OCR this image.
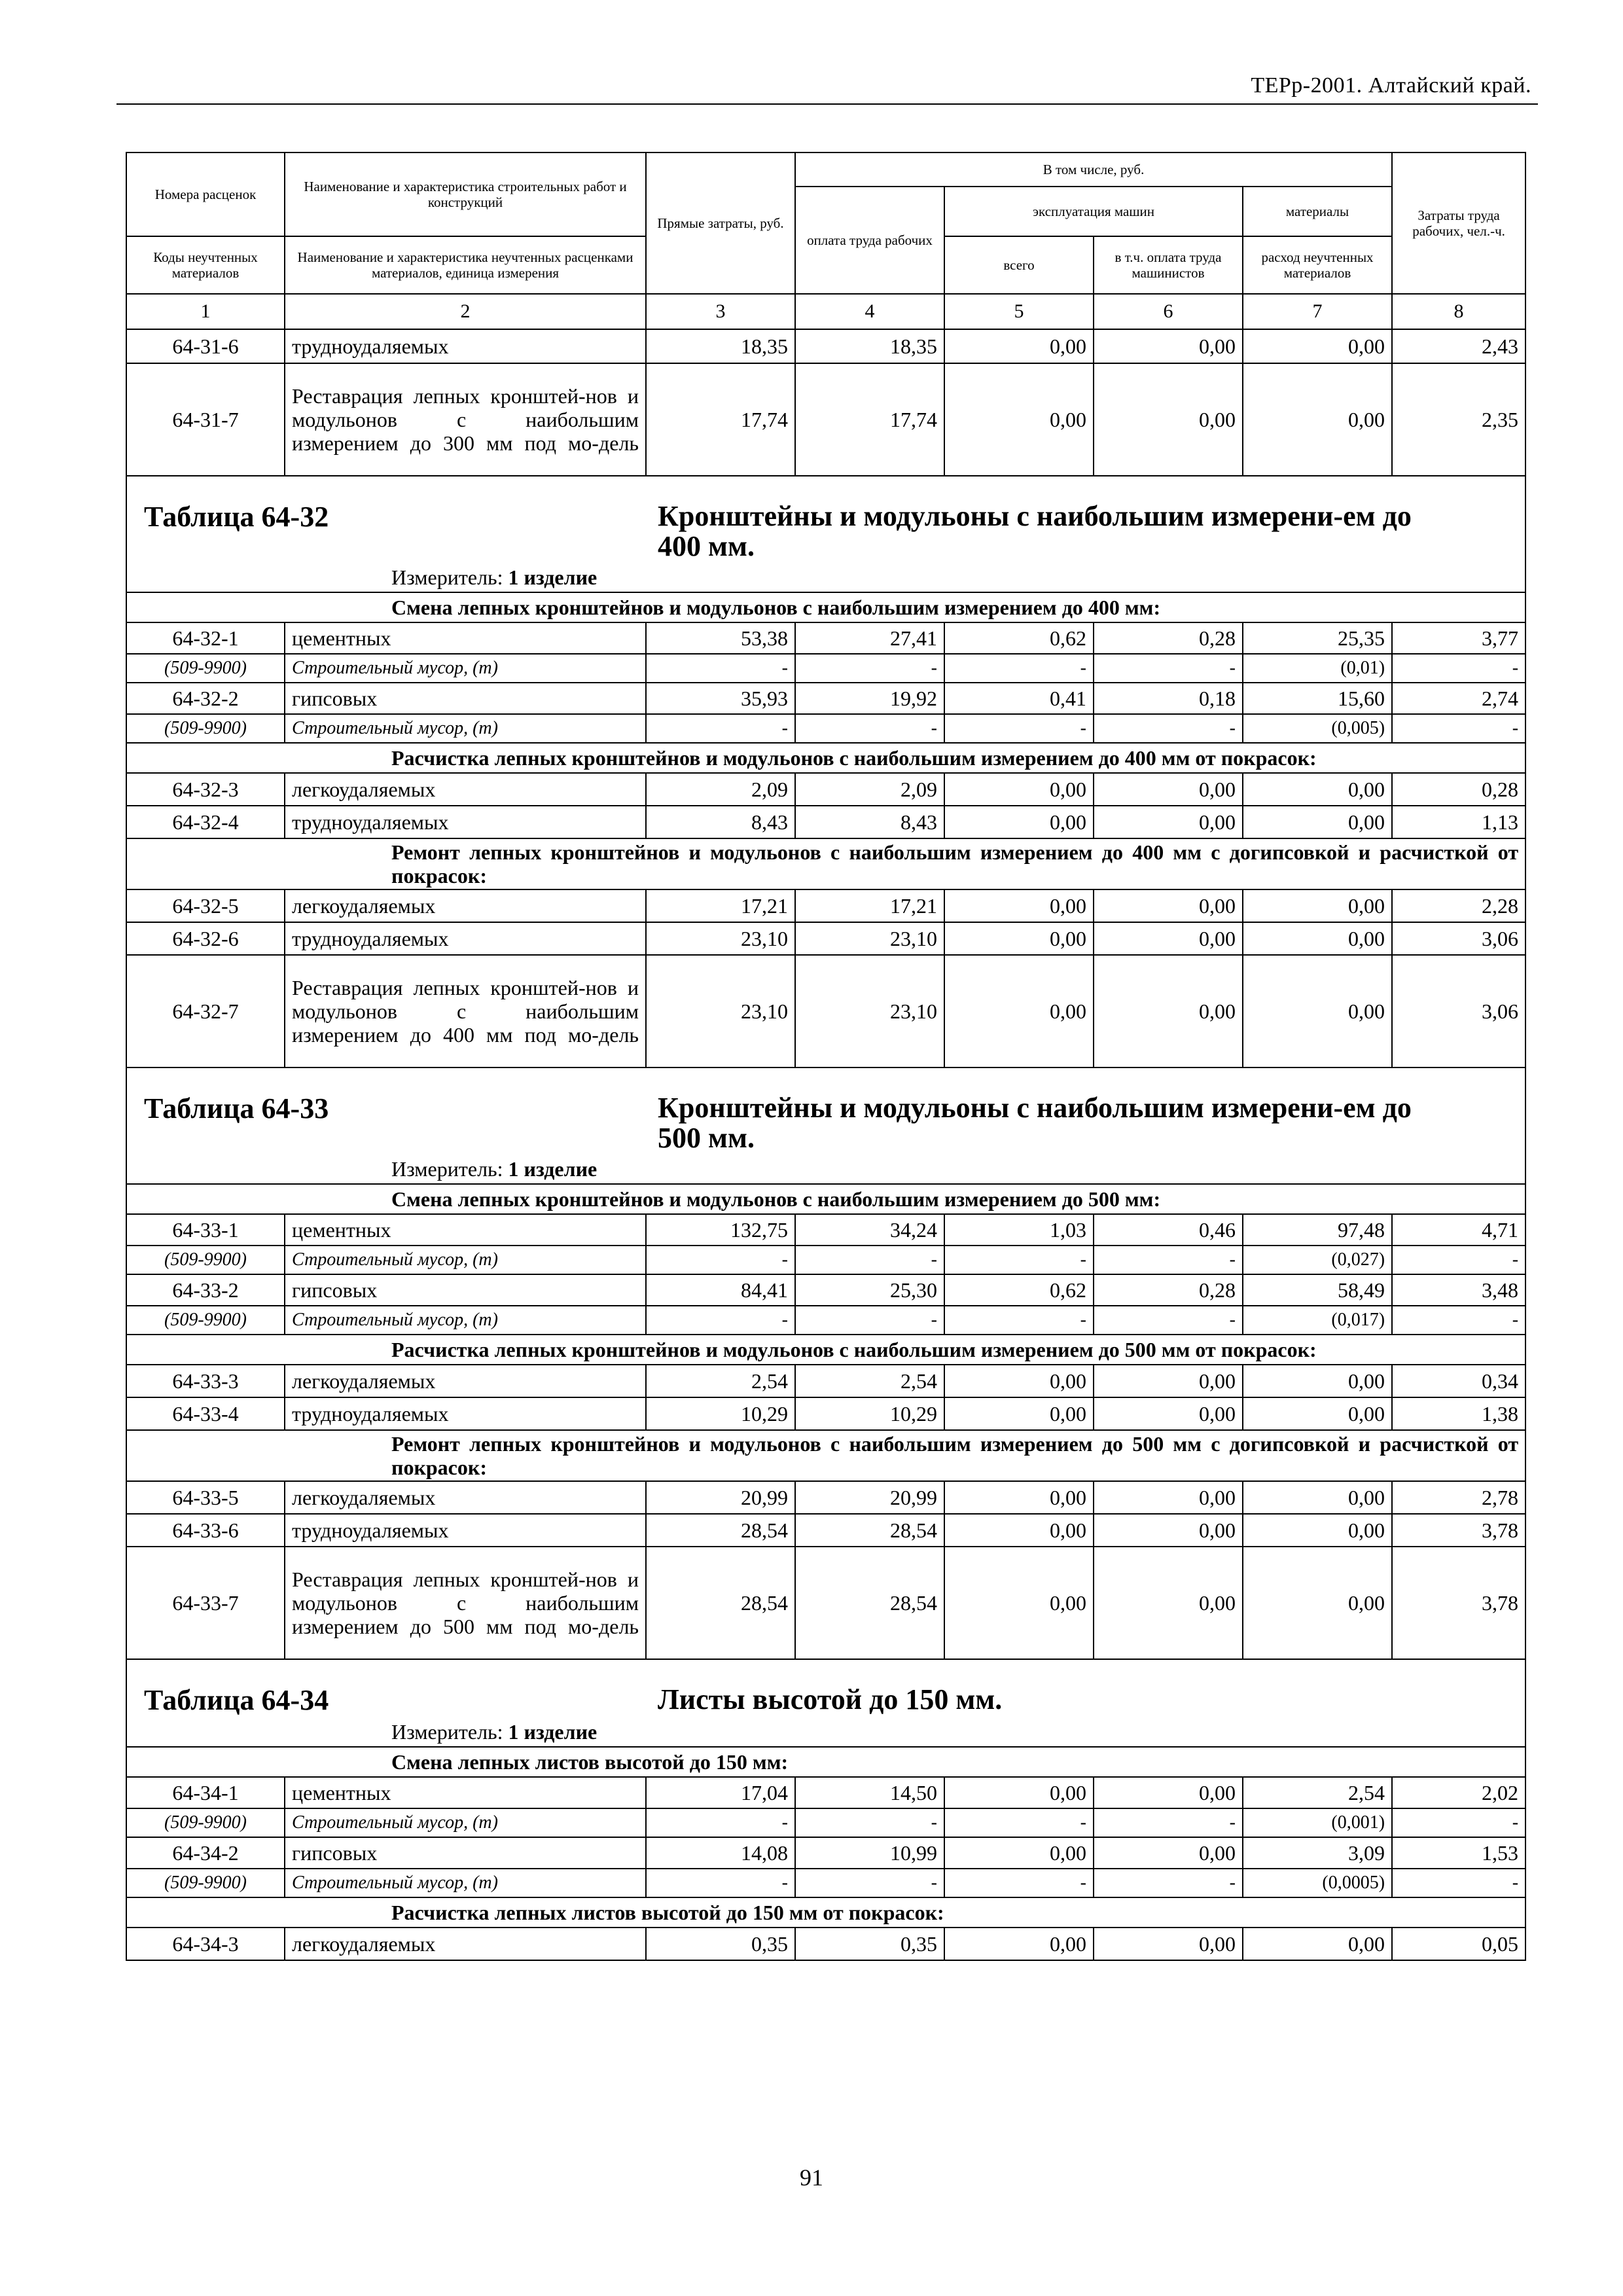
ТЕРр-2001. Алтайский край.
Номера расценок	Наименование и характеристика строительных работ и конструкций	Прямые затраты, руб.	В том числе, руб.				Затраты труда рабочих, чел.-ч.
			оплата труда рабочих	эксплуатация машин		материалы	
Коды неучтенных материалов	Наименование и характеристика неучтенных расценками материалов, единица измерения			всего	в т.ч. оплата труда машинистов	расход неучтенных материалов	

1	2	3	4	5	6	7	8
64-31-6	трудноудаляемых	18,35	18,35	0,00	0,00	0,00	2,43
64-31-7	Реставрация лепных кронштей-нов и модульонов с наибольшим измерением до 300 мм под мо-дель	17,74	17,74	0,00	0,00	0,00	2,35

Таблица 64-32 Кронштейны и модульоны с наибольшим измерени-ем до 400 мм.							

Измеритель: 1 изделие							
Смена лепных кронштейнов и модульонов с наибольшим измерением до 400 мм:							
64-32-1	цементных	53,38	27,41	0,62	0,28	25,35	3,77
(509-9900)	Строительный мусор, (т)	-	-	-	-	(0,01)	-
64-32-2	гипсовых	35,93	19,92	0,41	0,18	15,60	2,74
(509-9900)	Строительный мусор, (т)	-	-	-	-	(0,005)	-
Расчистка лепных кронштейнов и модульонов с наибольшим измерением до 400 мм от покрасок:							
64-32-3	легкоудаляемых	2,09	2,09	0,00	0,00	0,00	0,28
64-32-4	трудноудаляемых	8,43	8,43	0,00	0,00	0,00	1,13
Ремонт лепных кронштейнов и модульонов с наибольшим измерением до 400 мм с догипсовкой и расчисткой от покрасок:							
64-32-5	легкоудаляемых	17,21	17,21	0,00	0,00	0,00	2,28
64-32-6	трудноудаляемых	23,10	23,10	0,00	0,00	0,00	3,06
64-32-7	Реставрация лепных кронштей-нов и модульонов с наибольшим измерением до 400 мм под мо-дель	23,10	23,10	0,00	0,00	0,00	3,06

Таблица 64-33 Кронштейны и модульоны с наибольшим измерени-ем до 500 мм.							

Измеритель: 1 изделие							
Смена лепных кронштейнов и модульонов с наибольшим измерением до 500 мм:							
64-33-1	цементных	132,75	34,24	1,03	0,46	97,48	4,71
(509-9900)	Строительный мусор, (т)	-	-	-	-	(0,027)	-
64-33-2	гипсовых	84,41	25,30	0,62	0,28	58,49	3,48
(509-9900)	Строительный мусор, (т)	-	-	-	-	(0,017)	-
Расчистка лепных кронштейнов и модульонов с наибольшим измерением до 500 мм от покрасок:							
64-33-3	легкоудаляемых	2,54	2,54	0,00	0,00	0,00	0,34
64-33-4	трудноудаляемых	10,29	10,29	0,00	0,00	0,00	1,38
Ремонт лепных кронштейнов и модульонов с наибольшим измерением до 500 мм с догипсовкой и расчисткой от покрасок:							
64-33-5	легкоудаляемых	20,99	20,99	0,00	0,00	0,00	2,78
64-33-6	трудноудаляемых	28,54	28,54	0,00	0,00	0,00	3,78
64-33-7	Реставрация лепных кронштей-нов и модульонов с наибольшим измерением до 500 мм под мо-дель	28,54	28,54	0,00	0,00	0,00	3,78

Таблица 64-34 Листы высотой до 150 мм.							

Измеритель: 1 изделие							
Смена лепных листов высотой до 150 мм:							
64-34-1	цементных	17,04	14,50	0,00	0,00	2,54	2,02
(509-9900)	Строительный мусор, (т)	-	-	-	-	(0,001)	-
64-34-2	гипсовых	14,08	10,99	0,00	0,00	3,09	1,53
(509-9900)	Строительный мусор, (т)	-	-	-	-	(0,0005)	-
Расчистка лепных листов высотой до 150 мм от покрасок:							
64-34-3	легкоудаляемых	0,35	0,35	0,00	0,00	0,00	0,05
91
